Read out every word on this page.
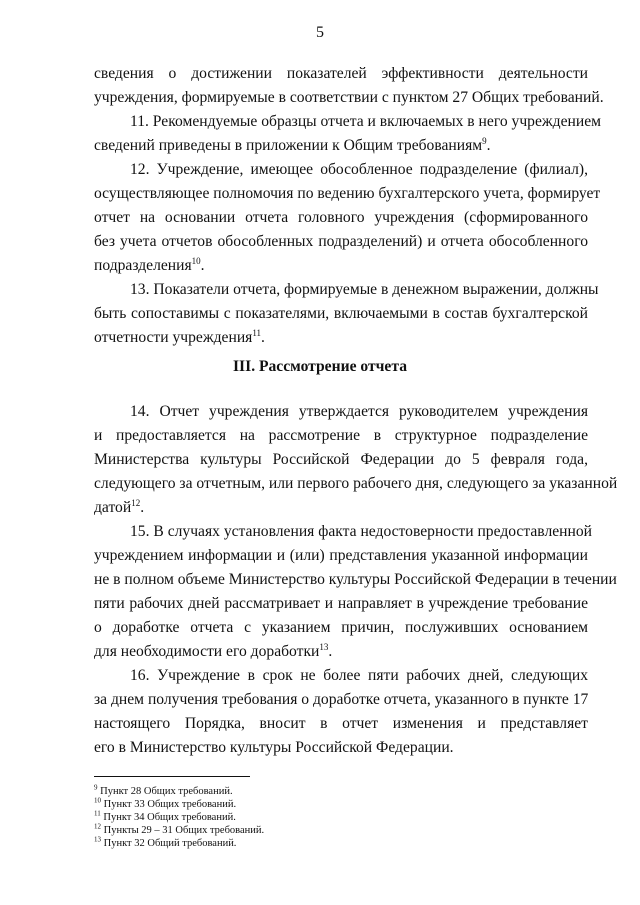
5
сведения о достижении показателей эффективности деятельности
учреждения, формируемые в соответствии с пунктом 27 Общих требований.
11. Рекомендуемые образцы отчета и включаемых в него учреждением
сведений приведены в приложении к Общим требованиям$^9$.
12. Учреждение, имеющее обособленное подразделение (филиал),
осуществляющее полномочия по ведению бухгалтерского учета, формирует
отчет на основании отчета головного учреждения (сформированного
без учета отчетов обособленных подразделений) и отчета обособленного
подразделения$^{10}$.
13. Показатели отчета, формируемые в денежном выражении, должны
быть сопоставимы с показателями, включаемыми в состав бухгалтерской
отчетности учреждения$^{11}$.
III. Рассмотрение отчета
14. Отчет учреждения утверждается руководителем учреждения
и предоставляется на рассмотрение в структурное подразделение
Министерства культуры Российской Федерации до 5 февраля года,
следующего за отчетным, или первого рабочего дня, следующего за указанной
датой$^{12}$.
15. В случаях установления факта недостоверности предоставленной
учреждением информации и (или) представления указанной информации
не в полном объеме Министерство культуры Российской Федерации в течении
пяти рабочих дней рассматривает и направляет в учреждение требование
о доработке отчета с указанием причин, послуживших основанием
для необходимости его доработки$^{13}$.
16. Учреждение в срок не более пяти рабочих дней, следующих
за днем получения требования о доработке отчета, указанного в пункте 17
настоящего Порядка, вносит в отчет изменения и представляет
его в Министерство культуры Российской Федерации.
$^9$ Пункт 28 Общих требований.
$^{10}$ Пункт 33 Общих требований.
$^{11}$ Пункт 34 Общих требований.
$^{12}$ Пункты 29 – 31 Общих требований.
$^{13}$ Пункт 32 Общий требований.
